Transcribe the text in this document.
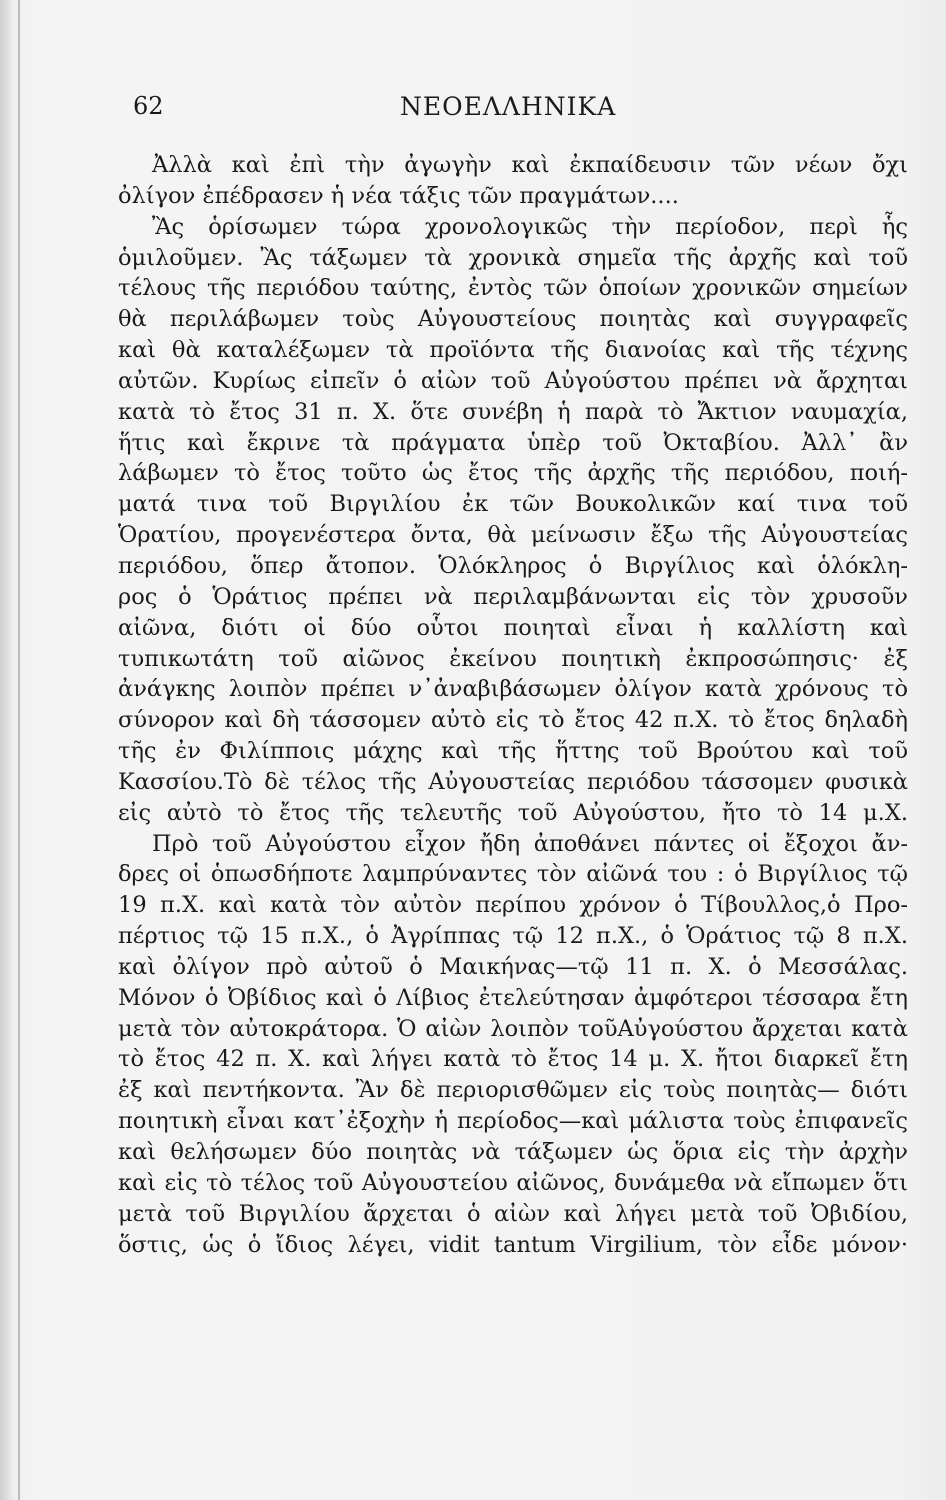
62	ΝΕΟΕΛΛΗΝΙΚΑ
Ἀλλὰ καὶ ἐπὶ τὴν ἀγωγὴν καὶ ἐκπαίδευσιν τῶν νέων ὄχι
ὀλίγον ἐπέδρασεν ἡ νέα τάξις τῶν πραγμάτων....
Ἂς ὁρίσωμεν τώρα χρονολογικῶς τὴν περίοδον, περὶ ἧς
ὁμιλοῦμεν. Ἂς τάξωμεν τὰ χρονικὰ σημεῖα τῆς ἀρχῆς καὶ τοῦ
τέλους τῆς περιόδου ταύτης, ἐντὸς τῶν ὁποίων χρονικῶν σημείων
θὰ περιλάβωμεν τοὺς Αὐγουστείους ποιητὰς καὶ συγγραφεῖς
καὶ θὰ καταλέξωμεν τὰ προϊόντα τῆς διανοίας καὶ τῆς τέχνης
αὐτῶν. Κυρίως εἰπεῖν ὁ αἰὼν τοῦ Αὐγούστου πρέπει νὰ ἄρχηται
κατὰ τὸ ἔτος 31 π. Χ. ὅτε συνέβη ἡ παρὰ τὸ Ἄκτιον ναυμαχία,
ἥτις καὶ ἔκρινε τὰ πράγματα ὑπὲρ τοῦ Ὀκταβίου. Ἀλλ᾽ ἂν
λάβωμεν τὸ ἔτος τοῦτο ὡς ἔτος τῆς ἀρχῆς τῆς περιόδου, ποιή-
ματά τινα τοῦ Βιργιλίου ἐκ τῶν Βουκολικῶν καί τινα τοῦ
Ὁρατίου, προγενέστερα ὄντα, θὰ μείνωσιν ἔξω τῆς Αὐγουστείας
περιόδου, ὅπερ ἄτοπον. Ὁλόκληρος ὁ Βιργίλιος καὶ ὁλόκλη-
ρος ὁ Ὁράτιος πρέπει νὰ περιλαμβάνωνται εἰς τὸν χρυσοῦν
αἰῶνα, διότι οἱ δύο οὗτοι ποιηταὶ εἶναι ἡ καλλίστη καὶ
τυπικωτάτη τοῦ αἰῶνος ἐκείνου ποιητικὴ ἐκπροσώπησις· ἐξ
ἀνάγκης λοιπὸν πρέπει ν᾽ἀναβιβάσωμεν ὀλίγον κατὰ χρόνους τὸ
σύνορον καὶ δὴ τάσσομεν αὐτὸ εἰς τὸ ἔτος 42 π.Χ. τὸ ἔτος δηλαδὴ
τῆς ἐν Φιλίπποις μάχης καὶ τῆς ἥττης τοῦ Βρούτου καὶ τοῦ
Κασσίου.Τὸ δὲ τέλος τῆς Αὐγουστείας περιόδου τάσσομεν φυσικὰ
εἰς αὐτὸ τὸ ἔτος τῆς τελευτῆς τοῦ Αὐγούστου, ἤτο τὸ 14 μ.Χ.
Πρὸ τοῦ Αὐγούστου εἶχον ἤδη ἀποθάνει πάντες οἱ ἔξοχοι ἄν-
δρες οἱ ὁπωσδήποτε λαμπρύναντες τὸν αἰῶνά του : ὁ Βιργίλιος τῷ
19 π.Χ. καὶ κατὰ τὸν αὐτὸν περίπου χρόνον ὁ Τίβουλλος,ὁ Προ-
πέρτιος τῷ 15 π.Χ., ὁ Ἀγρίππας τῷ 12 π.Χ., ὁ Ὁράτιος τῷ 8 π.Χ.
καὶ ὀλίγον πρὸ αὐτοῦ ὁ Μαικήνας—τῷ 11 π. Χ. ὁ Μεσσάλας.
Μόνον ὁ Ὀβίδιος καὶ ὁ Λίβιος ἐτελεύτησαν ἀμφότεροι τέσσαρα ἔτη
μετὰ τὸν αὐτοκράτορα. Ὁ αἰὼν λοιπὸν τοῦΑὐγούστου ἄρχεται κατὰ
τὸ ἔτος 42 π. Χ. καὶ λήγει κατὰ τὸ ἔτος 14 μ. Χ. ἤτοι διαρκεῖ ἔτη
ἐξ καὶ πεντήκοντα. Ἂν δὲ περιορισθῶμεν εἰς τοὺς ποιητὰς— διότι
ποιητικὴ εἶναι κατ᾽ἐξοχὴν ἡ περίοδος—καὶ μάλιστα τοὺς ἐπιφανεῖς
καὶ θελήσωμεν δύο ποιητὰς νὰ τάξωμεν ὡς ὅρια εἰς τὴν ἀρχὴν
καὶ εἰς τὸ τέλος τοῦ Αὐγουστείου αἰῶνος, δυνάμεθα νὰ εἴπωμεν ὅτι
μετὰ τοῦ Βιργιλίου ἄρχεται ὁ αἰὼν καὶ λήγει μετὰ τοῦ Ὀβιδίου,
ὅστις, ὡς ὁ ἴδιος λέγει, vidit tantum Virgilium, τὸν εἶδε μόνον·
